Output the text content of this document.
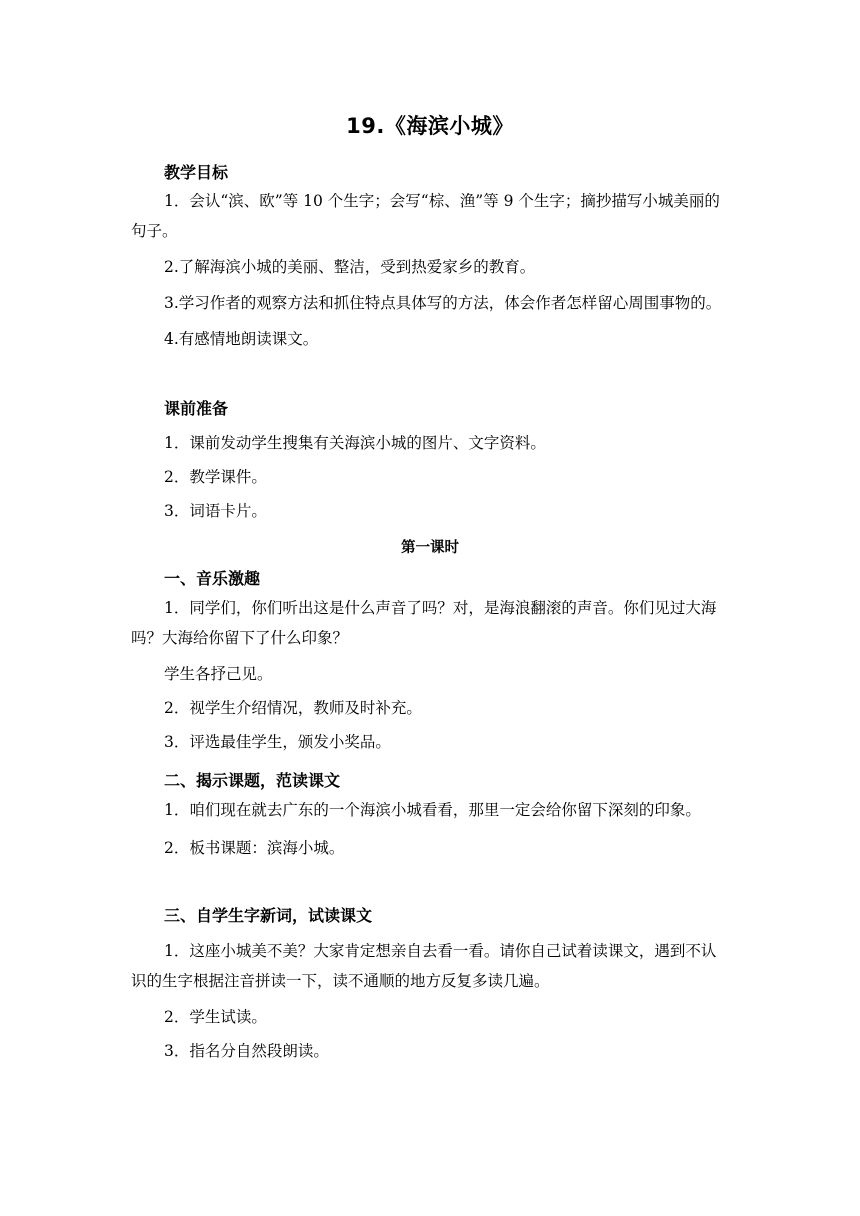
19.《海滨小城》
教学目标

1．会认“滨、欧”等 10 个生字；会写“棕、渔”等 9 个生字；摘抄描写小城美丽的句子。

2.了解海滨小城的美丽、整洁，受到热爱家乡的教育。

3.学习作者的观察方法和抓住特点具体写的方法，体会作者怎样留心周围事物的。

4.有感情地朗读课文。

课前准备

1．课前发动学生搜集有关海滨小城的图片、文字资料。

2．教学课件。

3．词语卡片。

第一课时
一、音乐激趣

1．同学们，你们听出这是什么声音了吗？对，是海浪翻滚的声音。你们见过大海吗？大海给你留下了什么印象？

学生各抒己见。

2．视学生介绍情况，教师及时补充。

3．评选最佳学生，颁发小奖品。

二、揭示课题，范读课文

1．咱们现在就去广东的一个海滨小城看看，那里一定会给你留下深刻的印象。

2．板书课题：滨海小城。

三、自学生字新词，试读课文

1．这座小城美不美？大家肯定想亲自去看一看。请你自己试着读课文，遇到不认识的生字根据注音拼读一下，读不通顺的地方反复多读几遍。

2．学生试读。

3．指名分自然段朗读。
